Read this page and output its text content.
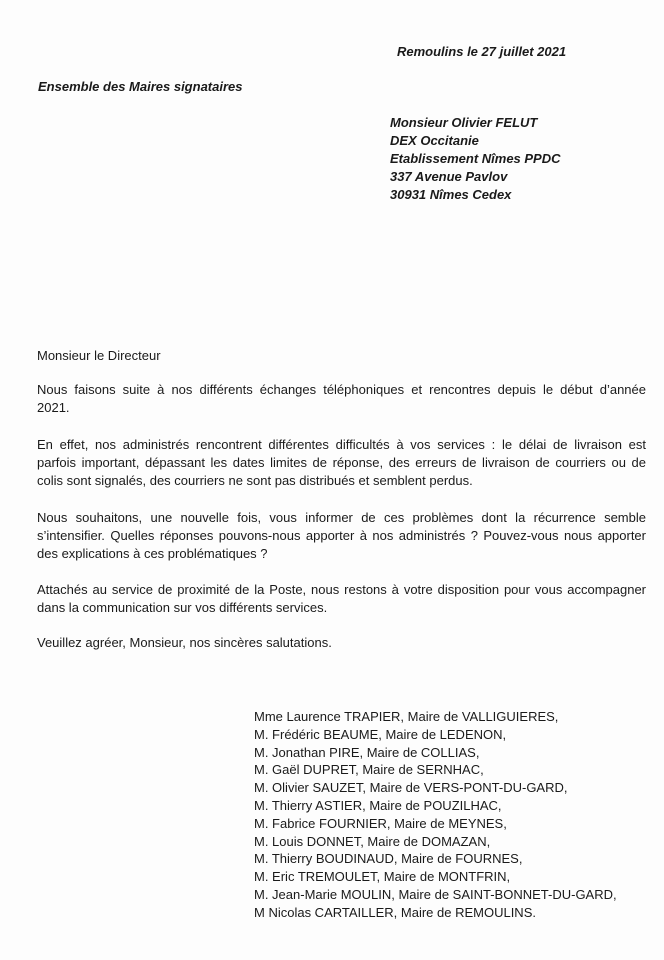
Remoulins le 27 juillet 2021
Ensemble des Maires signataires
Monsieur Olivier FELUT
DEX Occitanie
Etablissement Nîmes PPDC
337 Avenue Pavlov
30931 Nîmes Cedex
Monsieur le Directeur
Nous faisons suite à nos différents échanges téléphoniques et rencontres depuis le début d’année
2021.
En effet, nos administrés rencontrent différentes difficultés à vos services : le délai de livraison est
parfois important, dépassant les dates limites de réponse, des erreurs de livraison de courriers ou de
colis sont signalés, des courriers ne sont pas distribués et semblent perdus.
Nous souhaitons, une nouvelle fois, vous informer de ces problèmes dont la récurrence semble
s’intensifier. Quelles réponses pouvons-nous apporter à nos administrés ? Pouvez-vous nous apporter
des explications à ces problématiques ?
Attachés au service de proximité de la Poste, nous restons à votre disposition pour vous accompagner
dans la communication sur vos différents services.
Veuillez agréer, Monsieur, nos sincères salutations.
Mme Laurence TRAPIER, Maire de VALLIGUIERES,
M. Frédéric BEAUME, Maire de LEDENON,
M. Jonathan PIRE, Maire de COLLIAS,
M. Gaël DUPRET, Maire de SERNHAC,
M. Olivier SAUZET, Maire de VERS-PONT-DU-GARD,
M. Thierry ASTIER, Maire de POUZILHAC,
M. Fabrice FOURNIER, Maire de MEYNES,
M. Louis DONNET, Maire de DOMAZAN,
M. Thierry BOUDINAUD, Maire de FOURNES,
M. Eric TREMOULET, Maire de MONTFRIN,
M. Jean-Marie MOULIN, Maire de SAINT-BONNET-DU-GARD,
M Nicolas CARTAILLER, Maire de REMOULINS.
